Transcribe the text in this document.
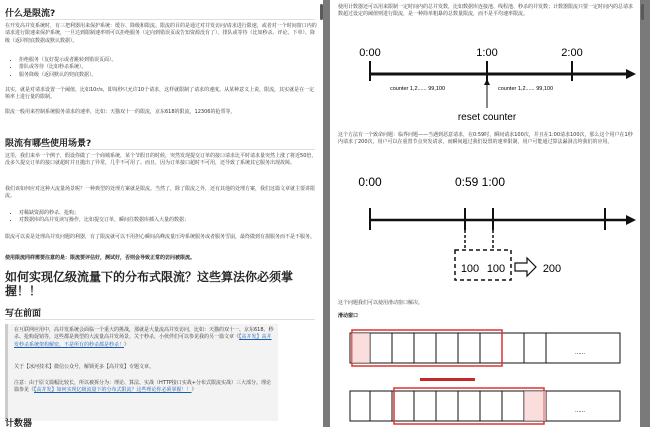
什么是限流?
在开发高并发系统时，有三把利器用来保护系统：缓存、降级和限流。限流的目的是通过对并发访问/请求进行限速，或者对一个时间窗口内的请求进行限速来保护系统，一旦达到限制速率则可以拒绝服务（定向到错误页或告知资源没有了）、排队或等待（比如秒杀、评论、下单）、降级（返回兜底数据或默认数据）。
• 拒绝服务（友好提示或者跳转到错误页面）。
• 排队或等待（比如秒杀系统）。
• 服务降级（返回默认的兜底数据）。
其实，就是对请求设置一个阈值，比如10r/s，即每秒只允许10个请求，这样就限制了请求的速度。从某种意义上说，限流，其实就是在一定频率上进行量的限制。
限流一般用来控制系统服务请求的速率，比如：天猫双十一的限流，京东618的限流，12306的抢票等。
限流有哪些使用场景?
这里，我们来举一个例子，假设你做了一个商城系统，某个节假日的时候，突然发现提交订单的接口请求比平时请求量突然上涨了将近50倍，没多久提交订单的接口就超时并且抛出了异常，几乎不可用了。而且，因为订单接口超时不可用，还导致了系统其它服务出现故障。
我们该如何应对这种大流量场景呢？一种典型的处理方案就是限流。当然了，除了限流之外，还有其他的处理方案，我们这篇文章就主要讲限流。
• 对稀缺资源的秒杀、抢购；
• 对数据库的高并发读写操作，比如提交订单，瞬间往数据库插入大量的数据；
限流可以说是处理高并发问题的利器，有了限流就可以不用担心瞬间高峰流量压垮系统服务或者服务雪崩，最终做到有损服务而不是不服务。
使用限流同样需要注意的是：限流要评估好，测试好，否则会导致正常的访问被限流。
如何实现亿级流量下的分布式限流？这些算法你必须掌握！！
写在前面
在互联网应用中，高并发系统会面临一个重大的挑战，那就是大量流高并发访问，比如：天猫的双十一、京东618、秒杀、抢购促销等，这些都是典型的大流量高并发场景。关于秒杀，小伙伴们可以参见我的另一篇文章《【高并发】高并发秒杀系统架构解密，不是所有的秒杀都是秒杀！》
关于【冰河技术】微信公众号，解锁更多【高并发】专题文章。
注意：由于原文篇幅比较长，所以被拆分为：理论、算法、实战（HTTP接口实战+分布式限流实战）三大部分。理论篇参见《【高并发】如何实现亿级流量下的分布式限流？这些理论你必须掌握！！》
计数器
使用计数器还可以用来限制一定时间内的总并发数，比如数据库连接池、线程池、秒杀的并发数；计数器限流只要一定时间内的总请求数超过设定的阈值则进行限流，是一种简单粗暴的总数量限流，而不是平均速率限流。
0:00	1:00	2:00
counter 1,2...... 99,100	counter 1,2...... 99,100
reset counter
这个方法有一个致命问题：临界问题——当遇到恶意请求，在0:59时，瞬间请求100次，并且在1:00请求100次，那么这个用户在1秒内请求了200次，用户可以在重置节点突发请求，而瞬间超过我们设置的速率限制，用户可能通过算法漏洞击垮我们的应用。
0:00	0:59 1:00
100 100	200
这个问题我们可以使用滑动窗口解决。
滑动窗口
......
......
